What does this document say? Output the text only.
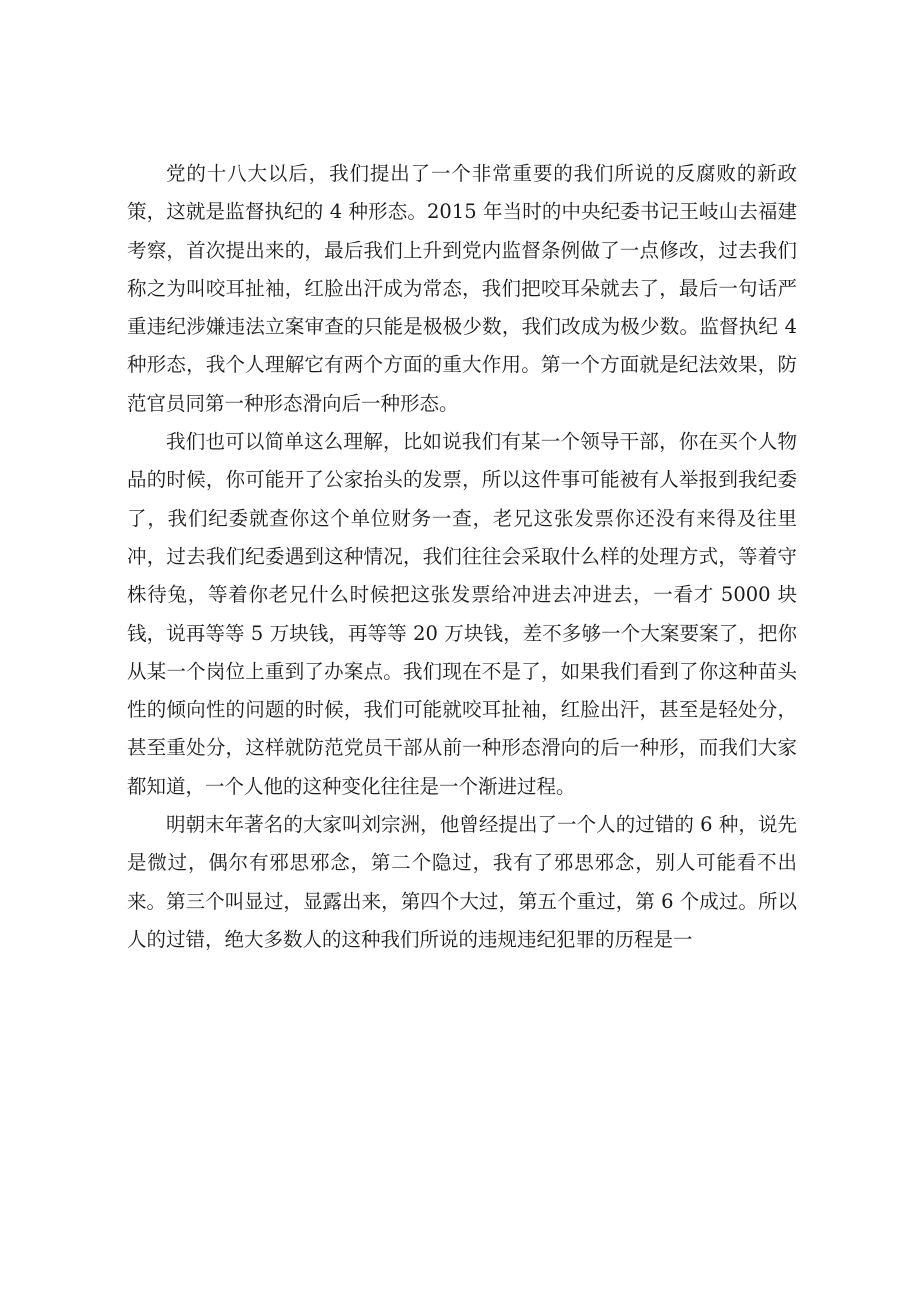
党的十八大以后，我们提出了一个非常重要的我们所说的反腐败的新政策，这就是监督执纪的 4 种形态。2015 年当时的中央纪委书记王岐山去福建考察，首次提出来的，最后我们上升到党内监督条例做了一点修改，过去我们称之为叫咬耳扯袖，红脸出汗成为常态，我们把咬耳朵就去了，最后一句话严重违纪涉嫌违法立案审查的只能是极极少数，我们改成为极少数。监督执纪 4 种形态，我个人理解它有两个方面的重大作用。第一个方面就是纪法效果，防范官员同第一种形态滑向后一种形态。

我们也可以简单这么理解，比如说我们有某一个领导干部，你在买个人物品的时候，你可能开了公家抬头的发票，所以这件事可能被有人举报到我纪委了，我们纪委就查你这个单位财务一查，老兄这张发票你还没有来得及往里冲，过去我们纪委遇到这种情况，我们往往会采取什么样的处理方式，等着守株待兔，等着你老兄什么时候把这张发票给冲进去冲进去，一看才 5000 块钱，说再等等 5 万块钱，再等等 20 万块钱，差不多够一个大案要案了，把你从某一个岗位上重到了办案点。我们现在不是了，如果我们看到了你这种苗头性的倾向性的问题的时候，我们可能就咬耳扯袖，红脸出汗，甚至是轻处分，甚至重处分，这样就防范党员干部从前一种形态滑向的后一种形，而我们大家都知道，一个人他的这种变化往往是一个渐进过程。

明朝末年著名的大家叫刘宗洲，他曾经提出了一个人的过错的 6 种，说先是微过，偶尔有邪思邪念，第二个隐过，我有了邪思邪念，别人可能看不出来。第三个叫显过，显露出来，第四个大过，第五个重过，第 6 个成过。所以人的过错，绝大多数人的这种我们所说的违规违纪犯罪的历程是一
